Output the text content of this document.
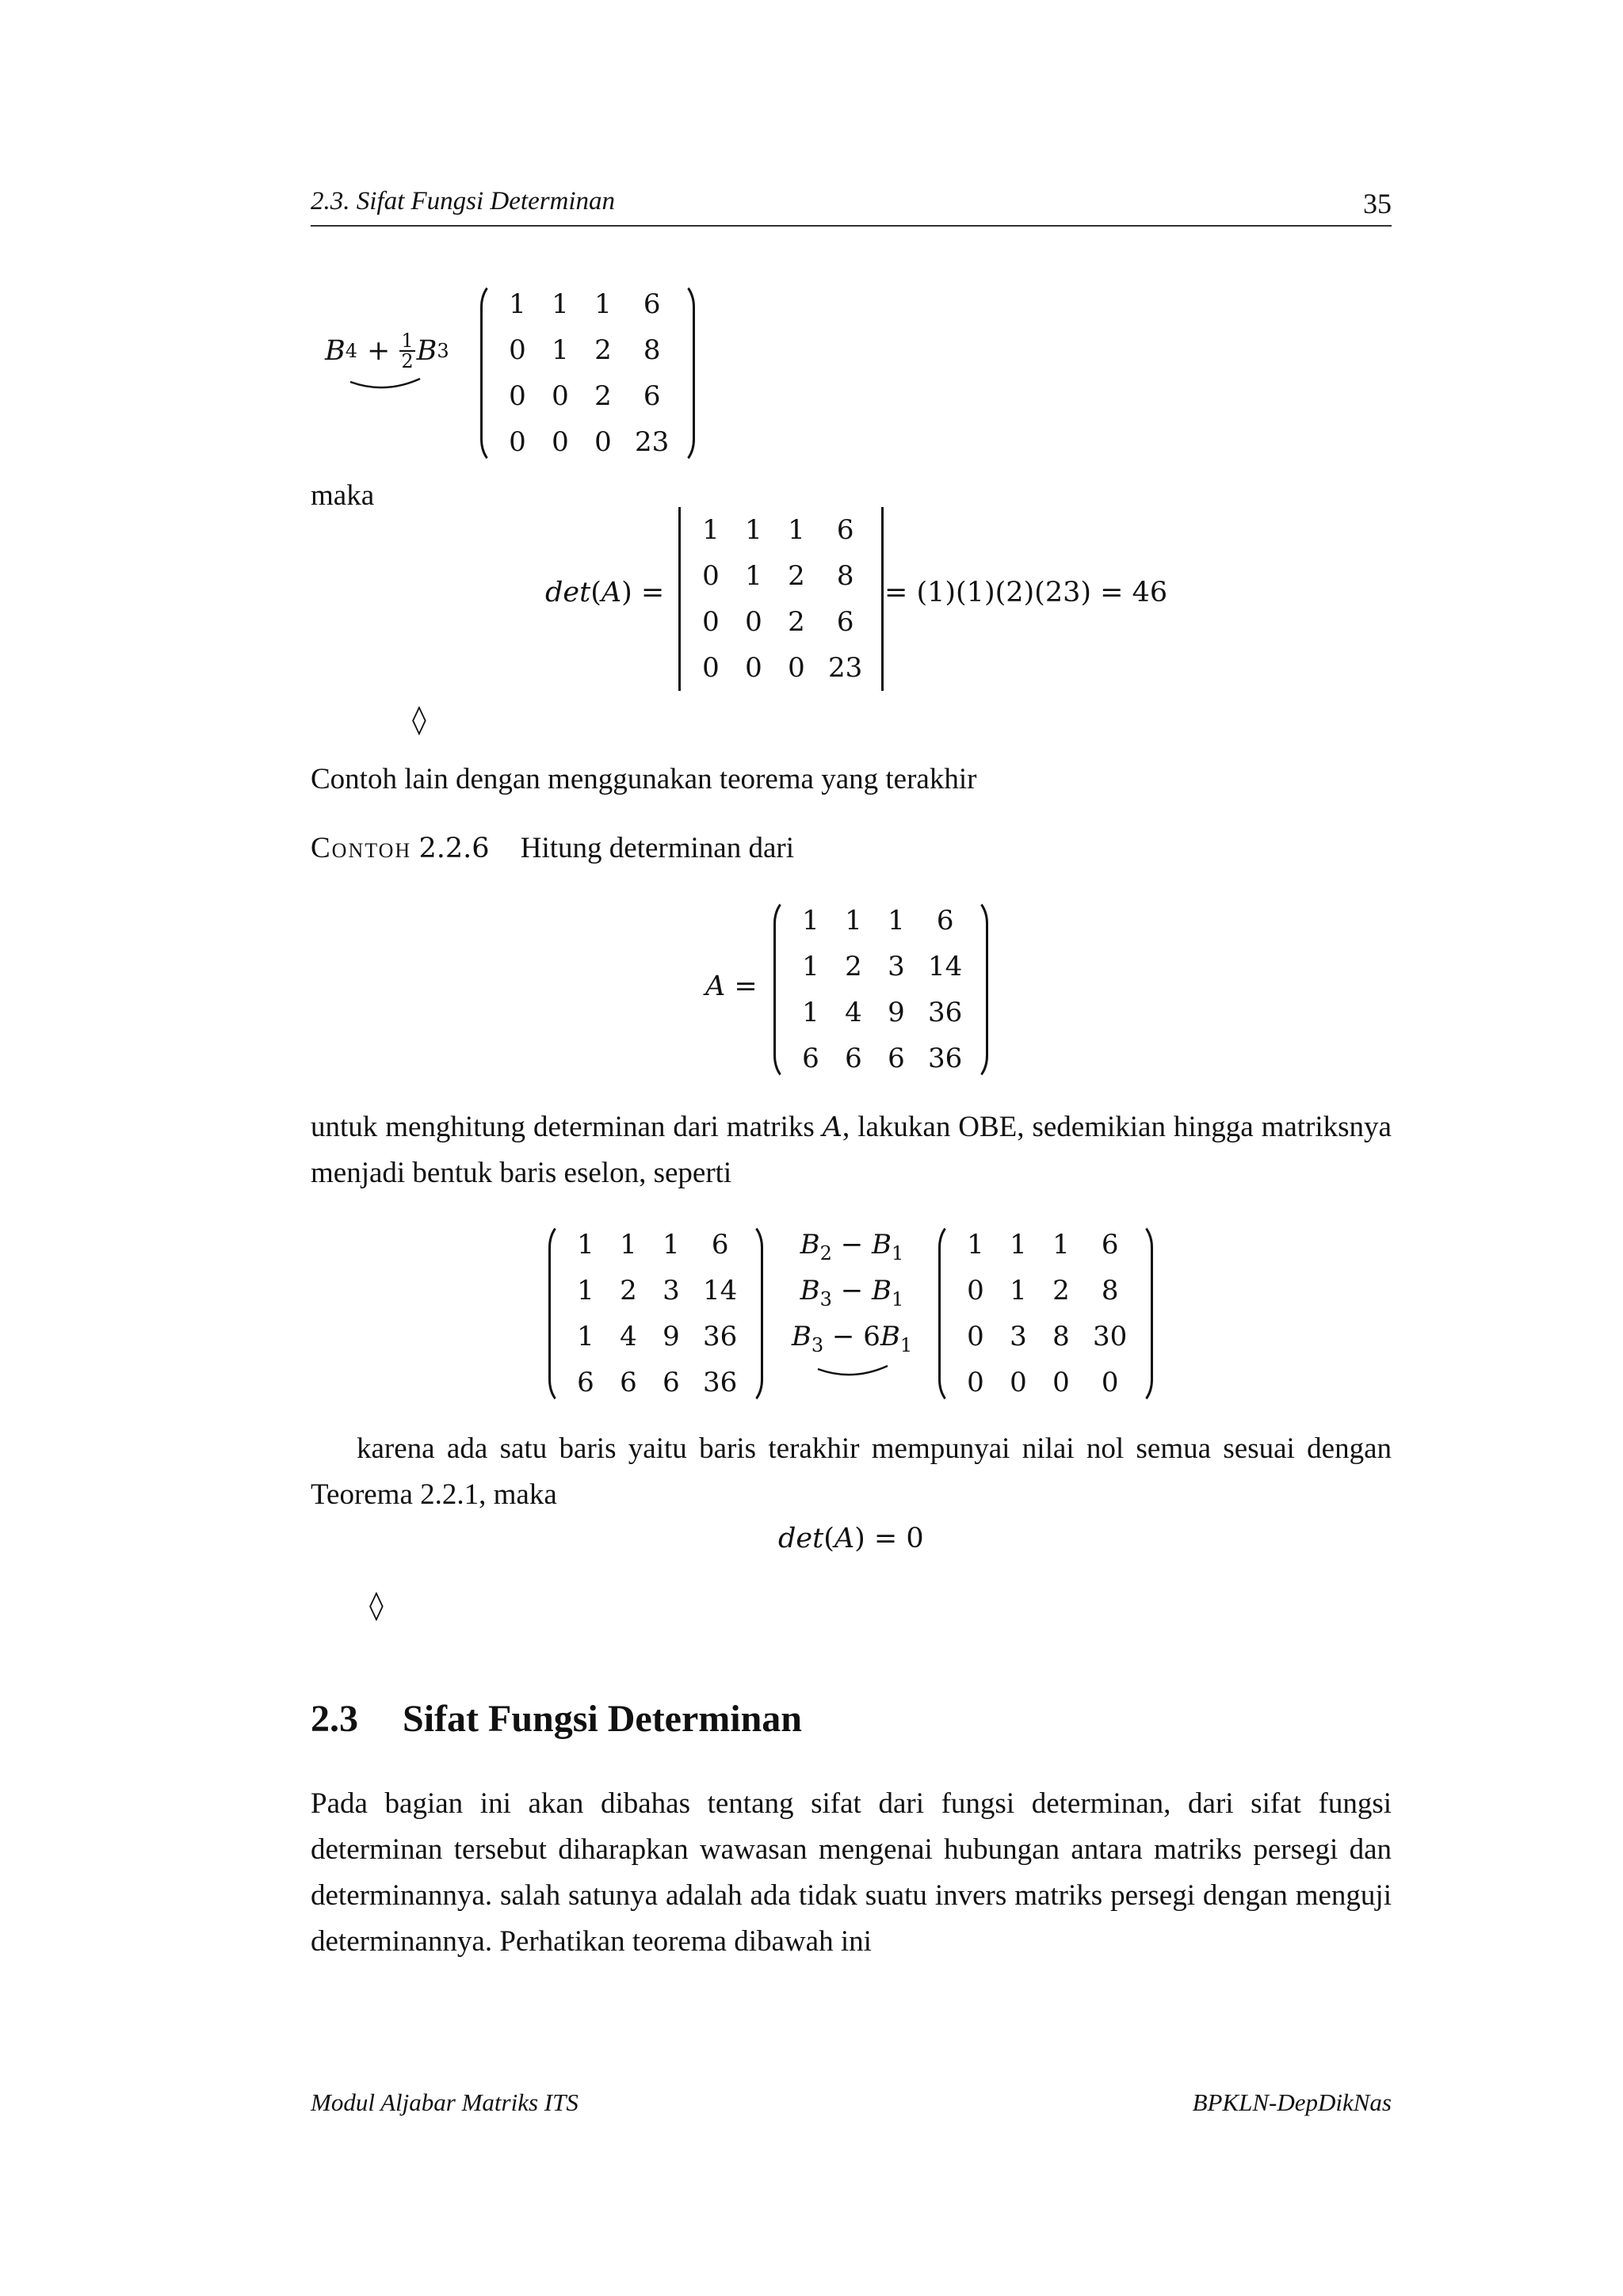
2.3. Sifat Fungsi Determinan	35
B $4 + \frac{1}{2}$ B 3
1	1	1	6
0	1	2	8
0	0	2	6
0	0	0	23
maka
det(A) =
1	1	1	6
0	1	2	8
0	0	2	6
0	0	0	23
= (1)(1)(2)(23) = 46
◊
Contoh lain dengan menggunakan teorema yang terakhir
Contoh 2.2.6 Hitung determinan dari
A =
1	1	1	6
1	2	3	14
1	4	9	36
6	6	6	36
untuk menghitung determinan dari matriks A, lakukan OBE, sedemikian hingga matriksnya menjadi bentuk baris eselon, seperti
1	1	1	6
1	2	3	14
1	4	9	36
6	6	6	36
$B_2 - B_1$
$B_3 - B_1$
$B_3 - 6B_1$
1	1	1	6
0	1	2	8
0	3	8	30
0	0	0	0
karena ada satu baris yaitu baris terakhir mempunyai nilai nol semua sesuai dengan Teorema 2.2.1, maka
det(A) = 0
◊
2.3 Sifat Fungsi Determinan
Pada bagian ini akan dibahas tentang sifat dari fungsi determinan, dari sifat fungsi determinan tersebut diharapkan wawasan mengenai hubungan antara matriks persegi dan determinannya. salah satunya adalah ada tidak suatu invers matriks persegi dengan menguji determinannya. Perhatikan teorema dibawah ini
Modul Aljabar Matriks ITS	BPKLN-DepDikNas
